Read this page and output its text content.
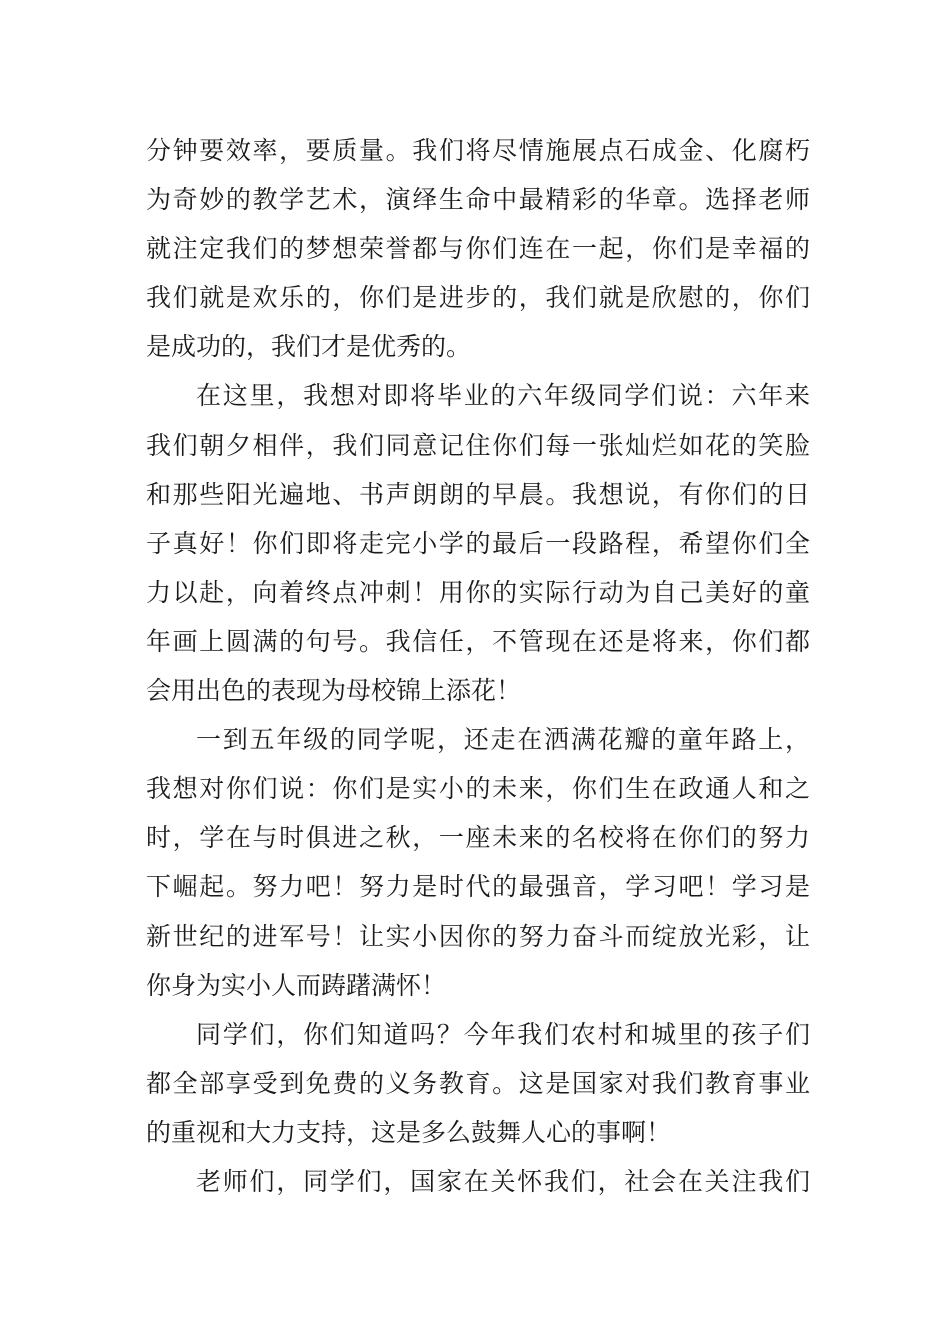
分钟要效率，要质量。我们将尽情施展点石成金、化腐朽
为奇妙的教学艺术，演绎生命中最精彩的华章。选择老师
就注定我们的梦想荣誉都与你们连在一起，你们是幸福的
我们就是欢乐的，你们是进步的，我们就是欣慰的，你们
是成功的，我们才是优秀的。
在这里，我想对即将毕业的六年级同学们说：六年来
我们朝夕相伴，我们同意记住你们每一张灿烂如花的笑脸
和那些阳光遍地、书声朗朗的早晨。我想说，有你们的日
子真好！你们即将走完小学的最后一段路程，希望你们全
力以赴，向着终点冲刺！用你的实际行动为自己美好的童
年画上圆满的句号。我信任，不管现在还是将来，你们都
会用出色的表现为母校锦上添花！
一到五年级的同学呢，还走在洒满花瓣的童年路上，
我想对你们说：你们是实小的未来，你们生在政通人和之
时，学在与时俱进之秋，一座未来的名校将在你们的努力
下崛起。努力吧！努力是时代的最强音，学习吧！学习是
新世纪的进军号！让实小因你的努力奋斗而绽放光彩，让
你身为实小人而踌躇满怀！
同学们，你们知道吗？今年我们农村和城里的孩子们
都全部享受到免费的义务教育。这是国家对我们教育事业
的重视和大力支持，这是多么鼓舞人心的事啊！
老师们，同学们，国家在关怀我们，社会在关注我们
